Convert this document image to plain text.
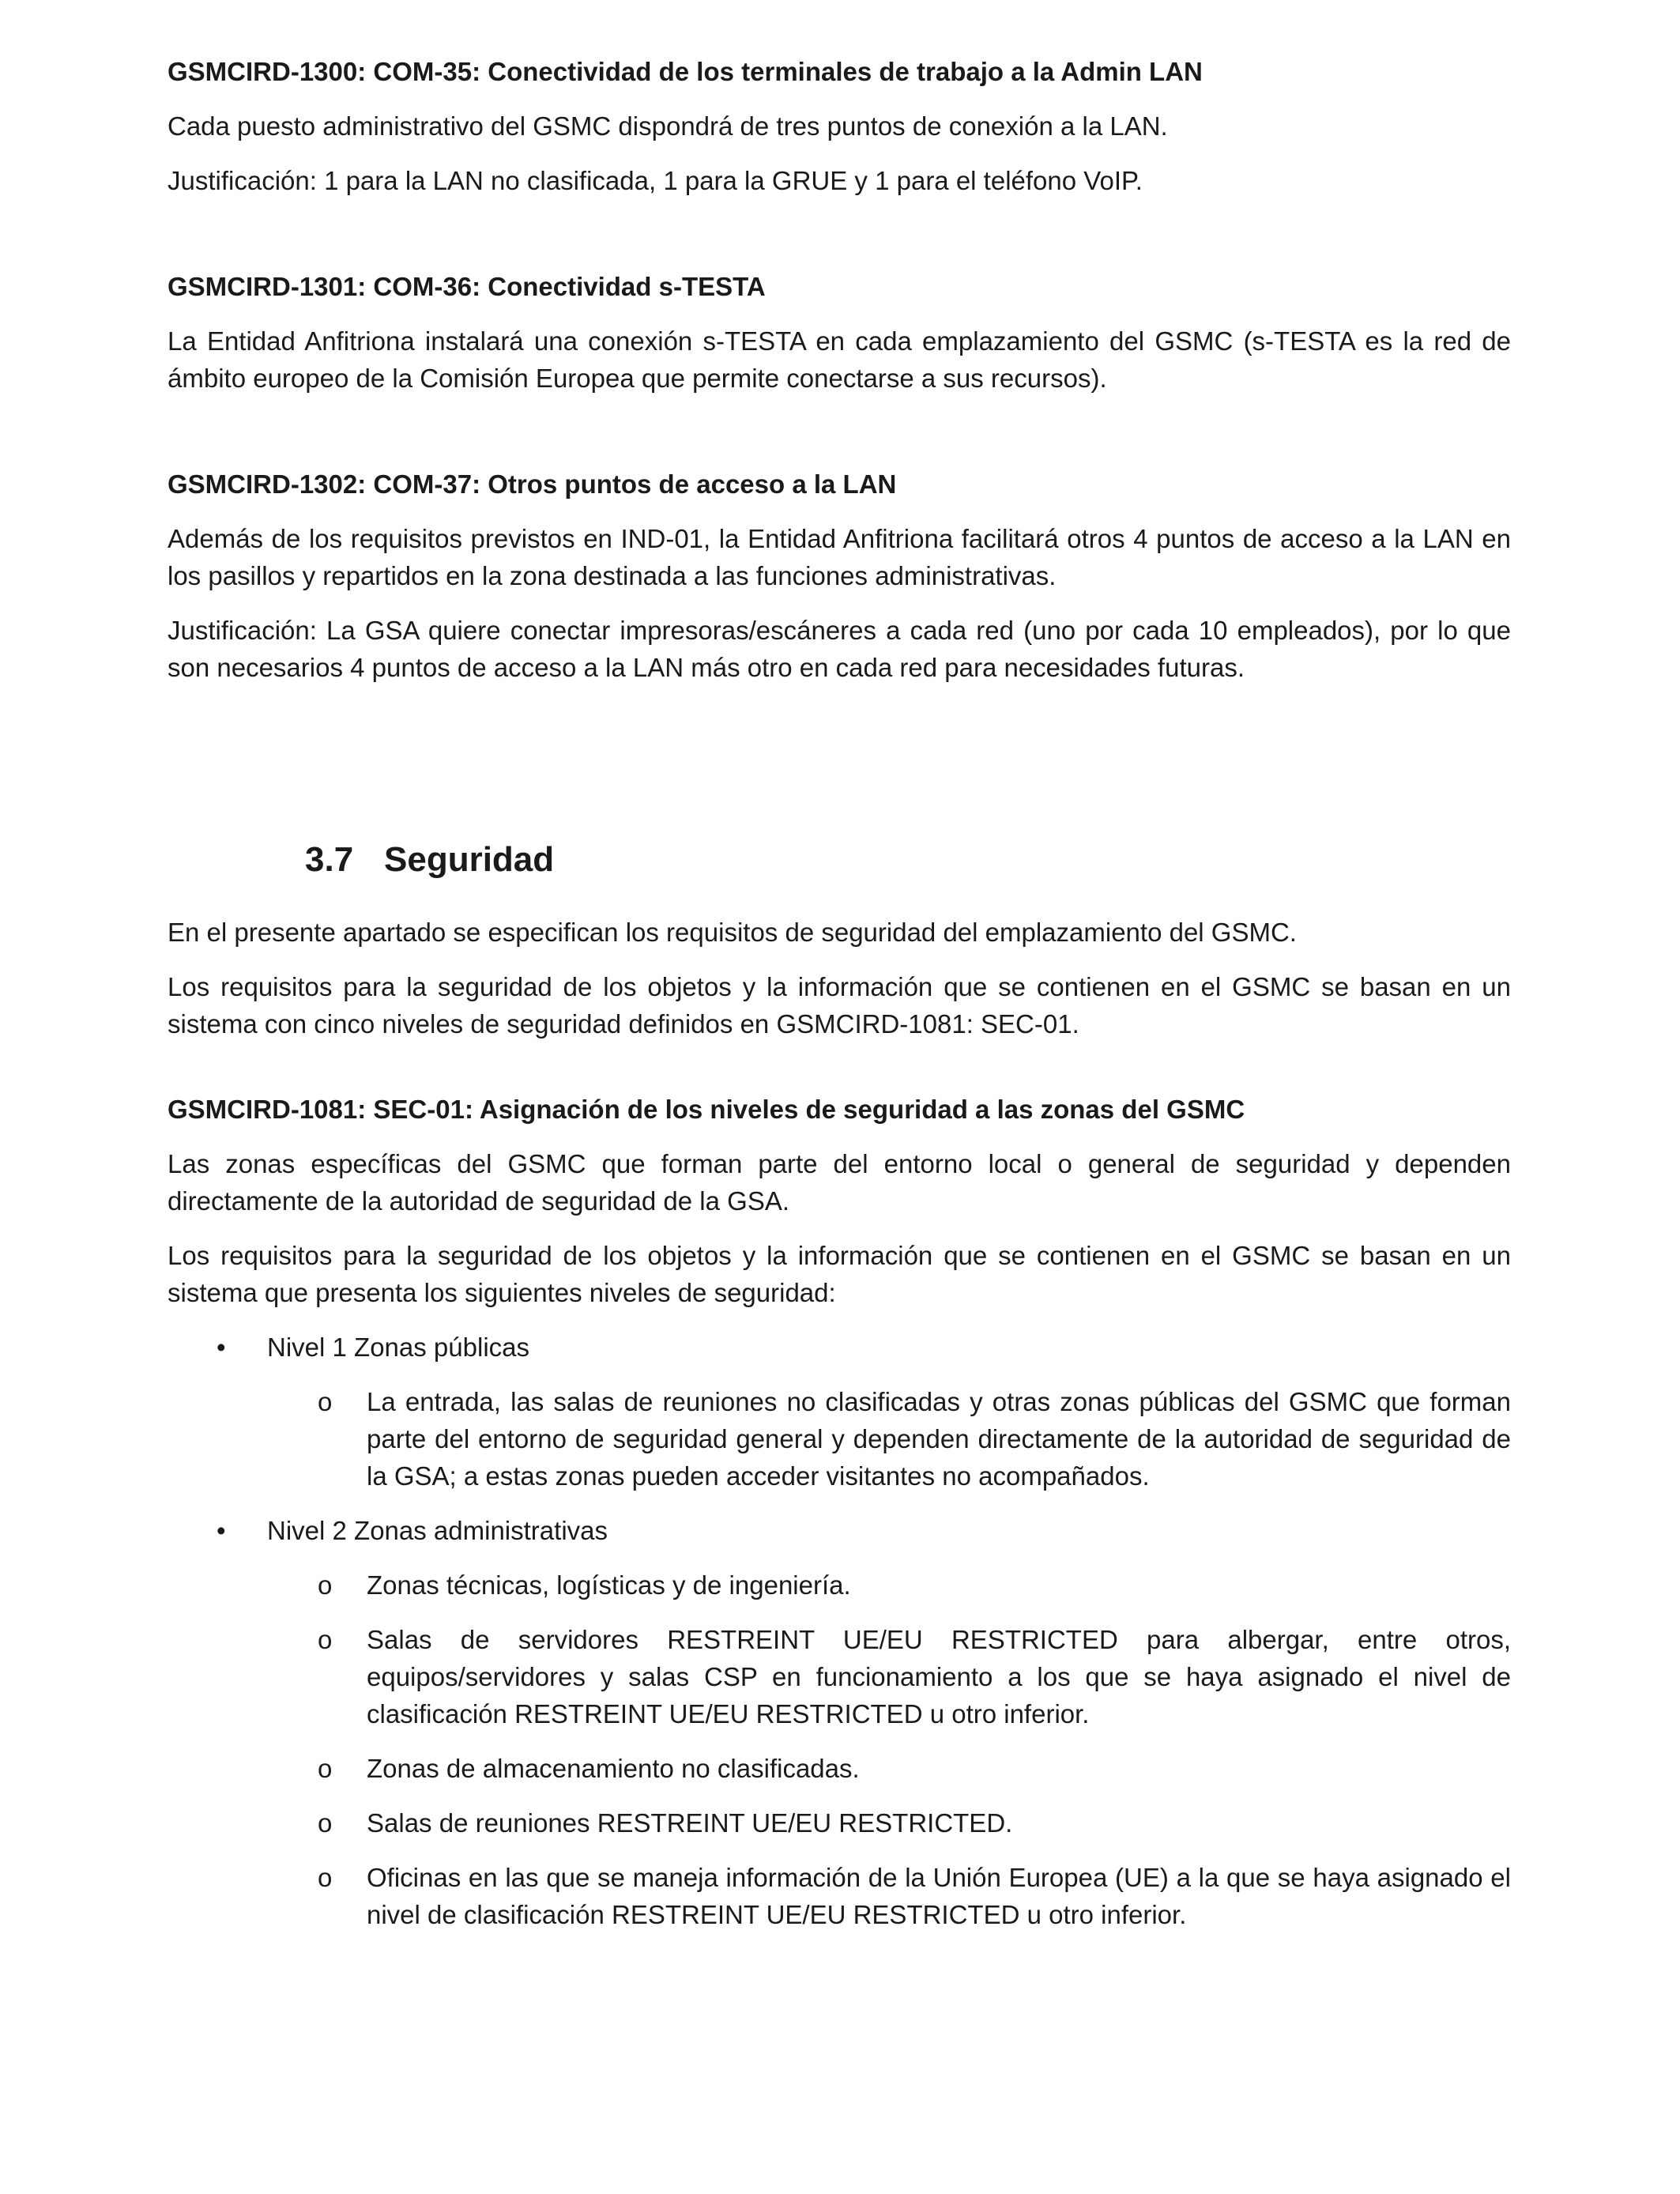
GSMCIRD-1300: COM-35: Conectividad de los terminales de trabajo a la Admin LAN
Cada puesto administrativo del GSMC dispondrá de tres puntos de conexión a la LAN.
Justificación: 1 para la LAN no clasificada, 1 para la GRUE y 1 para el teléfono VoIP.
GSMCIRD-1301: COM-36: Conectividad s-TESTA
La Entidad Anfitriona instalará una conexión s-TESTA en cada emplazamiento del GSMC (s-TESTA es la red de ámbito europeo de la Comisión Europea que permite conectarse a sus recursos).
GSMCIRD-1302: COM-37: Otros puntos de acceso a la LAN
Además de los requisitos previstos en IND-01, la Entidad Anfitriona facilitará otros 4 puntos de acceso a la LAN en los pasillos y repartidos en la zona destinada a las funciones administrativas.
Justificación: La GSA quiere conectar impresoras/escáneres a cada red (uno por cada 10 empleados), por lo que son necesarios 4 puntos de acceso a la LAN más otro en cada red para necesidades futuras.
3.7 Seguridad
En el presente apartado se especifican los requisitos de seguridad del emplazamiento del GSMC.
Los requisitos para la seguridad de los objetos y la información que se contienen en el GSMC se basan en un sistema con cinco niveles de seguridad definidos en GSMCIRD-1081: SEC-01.
GSMCIRD-1081: SEC-01: Asignación de los niveles de seguridad a las zonas del GSMC
Las zonas específicas del GSMC que forman parte del entorno local o general de seguridad y dependen directamente de la autoridad de seguridad de la GSA.
Los requisitos para la seguridad de los objetos y la información que se contienen en el GSMC se basan en un sistema que presenta los siguientes niveles de seguridad:
• Nivel 1 Zonas públicas
o La entrada, las salas de reuniones no clasificadas y otras zonas públicas del GSMC que forman parte del entorno de seguridad general y dependen directamente de la autoridad de seguridad de la GSA; a estas zonas pueden acceder visitantes no acompañados.
• Nivel 2 Zonas administrativas
o Zonas técnicas, logísticas y de ingeniería.
o Salas de servidores RESTREINT UE/EU RESTRICTED para albergar, entre otros, equipos/servidores y salas CSP en funcionamiento a los que se haya asignado el nivel de clasificación RESTREINT UE/EU RESTRICTED u otro inferior.
o Zonas de almacenamiento no clasificadas.
o Salas de reuniones RESTREINT UE/EU RESTRICTED.
o Oficinas en las que se maneja información de la Unión Europea (UE) a la que se haya asignado el nivel de clasificación RESTREINT UE/EU RESTRICTED u otro inferior.
